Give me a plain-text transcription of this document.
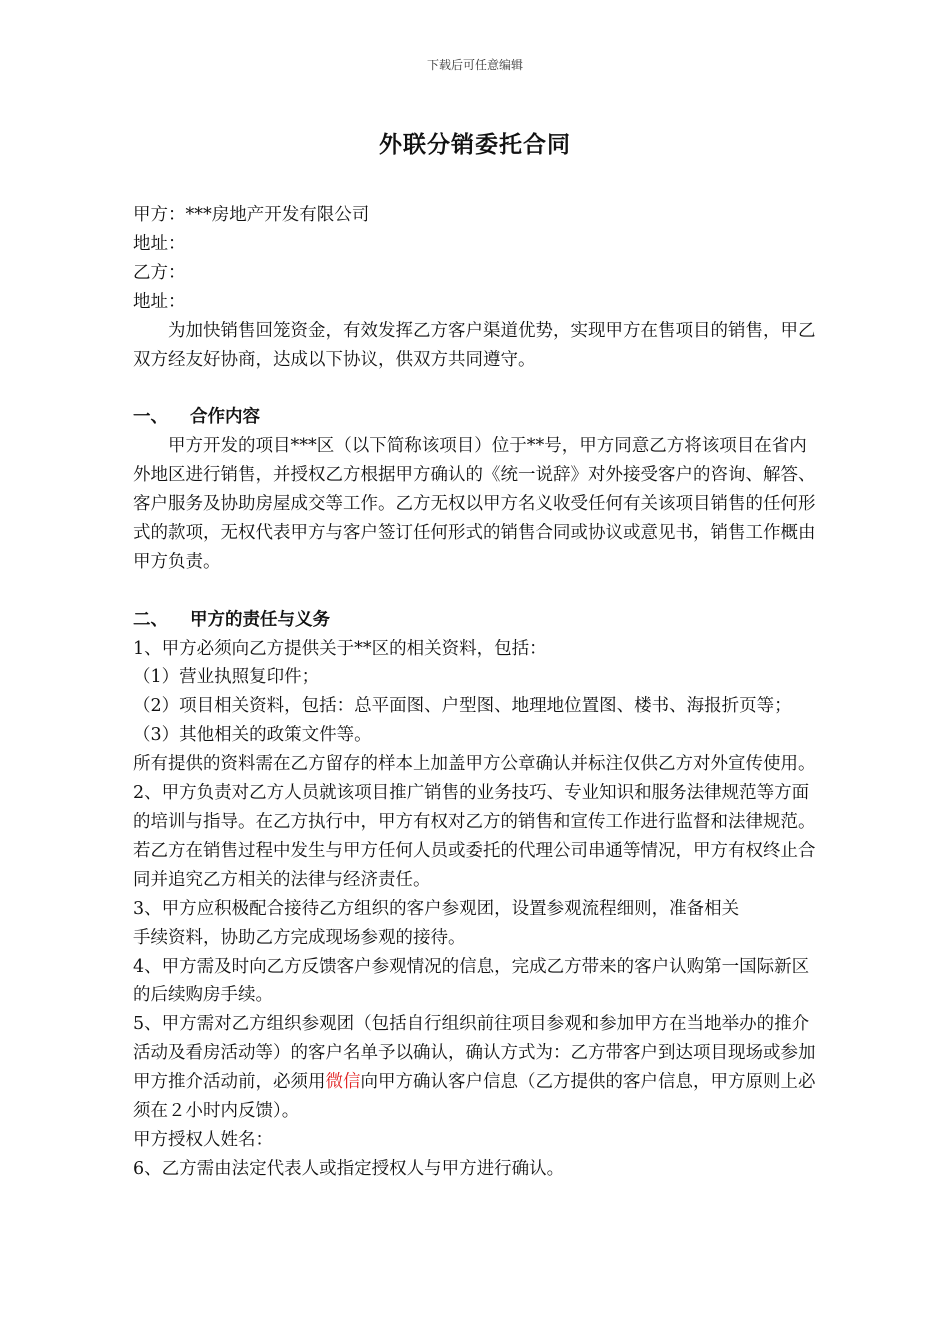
下载后可任意编辑
外联分销委托合同

甲方：***房地产开发有限公司

地址：

乙方：

地址：

为加快销售回笼资金，有效发挥乙方客户渠道优势，实现甲方在售项目的销售，甲乙双方经友好协商，达成以下协议，供双方共同遵守。

一、 合作内容

甲方开发的项目***区（以下简称该项目）位于**号，甲方同意乙方将该项目在省内外地区进行销售，并授权乙方根据甲方确认的《统一说辞》对外接受客户的咨询、解答、客户服务及协助房屋成交等工作。乙方无权以甲方名义收受任何有关该项目销售的任何形式的款项，无权代表甲方与客户签订任何形式的销售合同或协议或意见书，销售工作概由甲方负责。

二、 甲方的责任与义务

1、甲方必须向乙方提供关于**区的相关资料，包括：

（1）营业执照复印件；

（2）项目相关资料，包括：总平面图、户型图、地理地位置图、楼书、海报折页等；

（3）其他相关的政策文件等。

所有提供的资料需在乙方留存的样本上加盖甲方公章确认并标注仅供乙方对外宣传使用。

2、甲方负责对乙方人员就该项目推广销售的业务技巧、专业知识和服务法律规范等方面的培训与指导。在乙方执行中，甲方有权对乙方的销售和宣传工作进行监督和法律规范。若乙方在销售过程中发生与甲方任何人员或委托的代理公司串通等情况，甲方有权终止合同并追究乙方相关的法律与经济责任。

3、甲方应积极配合接待乙方组织的客户参观团，设置参观流程细则，准备相关

手续资料，协助乙方完成现场参观的接待。

4、甲方需及时向乙方反馈客户参观情况的信息，完成乙方带来的客户认购第一国际新区的后续购房手续。

5、甲方需对乙方组织参观团（包括自行组织前往项目参观和参加甲方在当地举办的推介活动及看房活动等）的客户名单予以确认，确认方式为：乙方带客户到达项目现场或参加甲方推介活动前，必须用微信向甲方确认客户信息（乙方提供的客户信息，甲方原则上必须在２小时内反馈）。

甲方授权人姓名：

6、乙方需由法定代表人或指定授权人与甲方进行确认。
